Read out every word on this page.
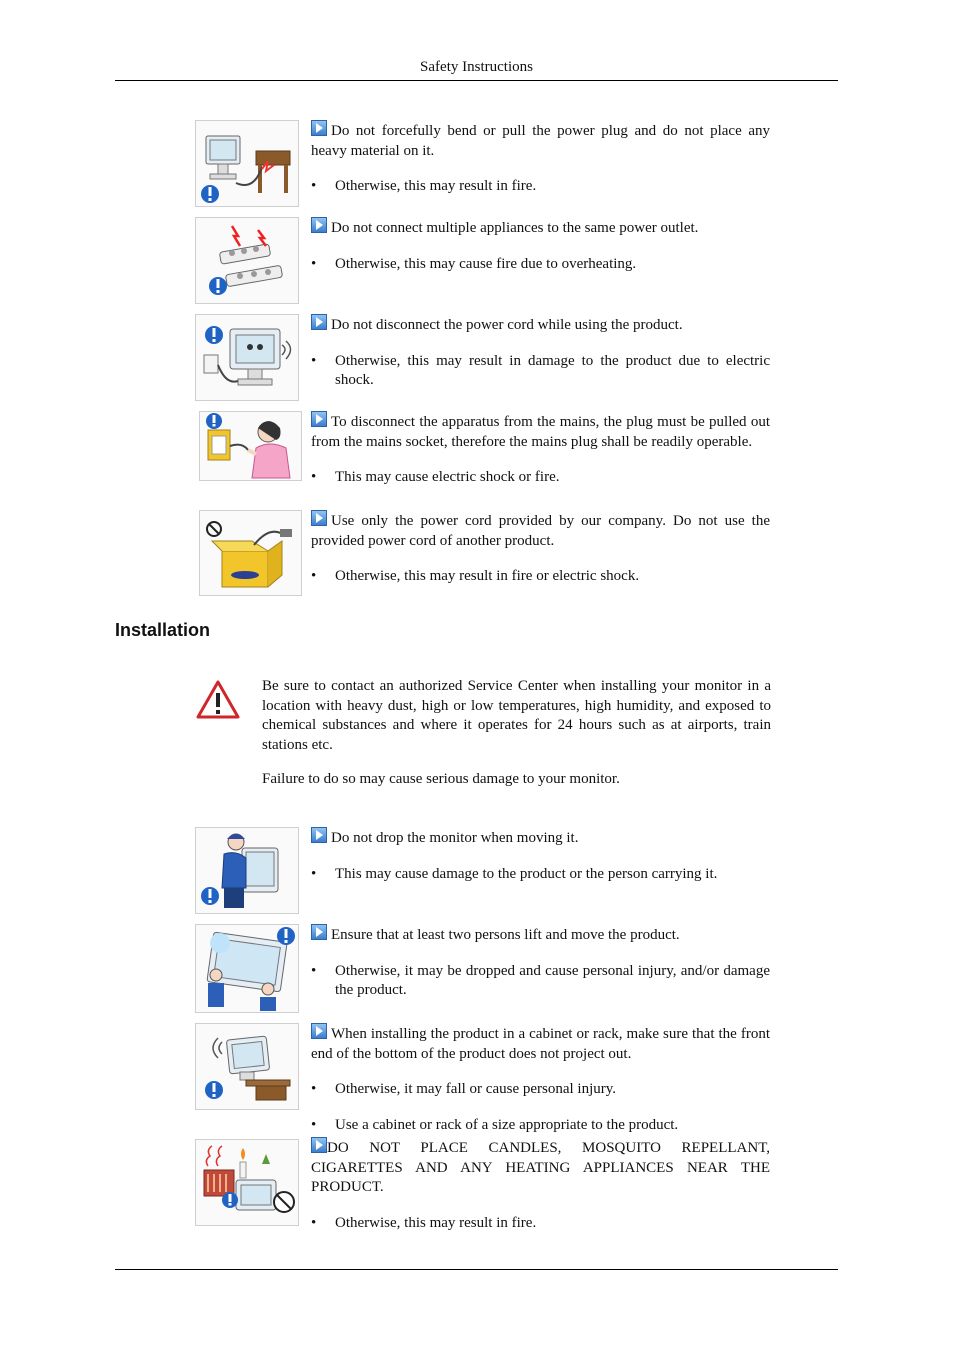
Safety Instructions

Do not forcefully bend or pull the power plug and do not place any heavy material on it.

• Otherwise, this may result in fire.

Do not connect multiple appliances to the same power outlet.

• Otherwise, this may cause fire due to overheating.

Do not disconnect the power cord while using the product.

• Otherwise, this may result in damage to the product due to electric shock.

To disconnect the apparatus from the mains, the plug must be pulled out from the mains socket, therefore the mains plug shall be readily operable.

• This may cause electric shock or fire.

Use only the power cord provided by our company. Do not use the provided power cord of another product.

• Otherwise, this may result in fire or electric shock.

Installation

Be sure to contact an authorized Service Center when installing your monitor in a location with heavy dust, high or low temperatures, high humidity, and exposed to chemical substances and where it operates for 24 hours such as at airports, train stations etc.

Failure to do so may cause serious damage to your monitor.

Do not drop the monitor when moving it.

• This may cause damage to the product or the person carrying it.

Ensure that at least two persons lift and move the product.

• Otherwise, it may be dropped and cause personal injury, and/or damage the product.

When installing the product in a cabinet or rack, make sure that the front end of the bottom of the product does not project out.

• Otherwise, it may fall or cause personal injury.

• Use a cabinet or rack of a size appropriate to the product.

DO NOT PLACE CANDLES, MOSQUITO REPELLANT, CIGARETTES AND ANY HEATING APPLIANCES NEAR THE PRODUCT.

• Otherwise, this may result in fire.
